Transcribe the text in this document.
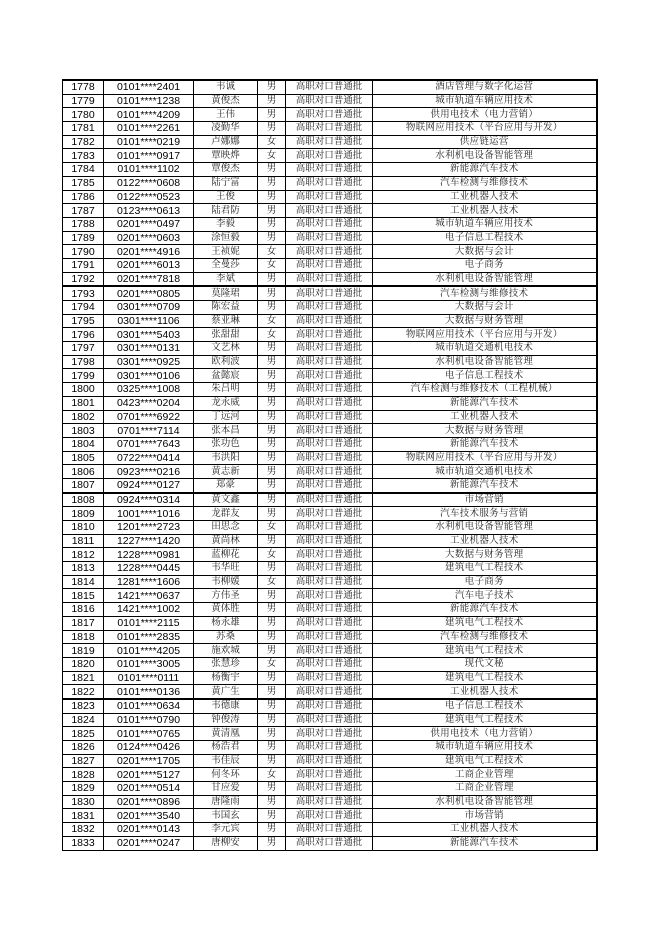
1778	0101****2401	韦诚	男	高职对口普通批	酒店管理与数字化运营
1779	0101****1238	黄俊杰	男	高职对口普通批	城市轨道车辆应用技术
1780	0101****4209	王伟	男	高职对口普通批	供用电技术（电力营销）
1781	0101****2261	凌勤华	男	高职对口普通批	物联网应用技术（平台应用与开发）
1782	0101****0219	卢娜娜	女	高职对口普通批	供应链运营
1783	0101****0917	覃映烨	女	高职对口普通批	水利机电设备智能管理
1784	0101****1102	覃俊杰	男	高职对口普通批	新能源汽车技术
1785	0122****0608	陆宁富	男	高职对口普通批	汽车检测与维修技术
1786	0122****0523	王俊	男	高职对口普通批	工业机器人技术
1787	0123****0613	陆君防	男	高职对口普通批	工业机器人技术
1788	0201****0497	李毅	男	高职对口普通批	城市轨道车辆应用技术
1789	0201****0603	涂恒毅	男	高职对口普通批	电子信息工程技术
1790	0201****4916	王祯妮	女	高职对口普通批	大数据与会计
1791	0201****6013	全曼莎	女	高职对口普通批	电子商务
1792	0201****7818	李斌	男	高职对口普通批	水利机电设备智能管理
1793	0201****0805	莫隆珺	男	高职对口普通批	汽车检测与维修技术
1794	0301****0709	陈宏益	男	高职对口普通批	大数据与会计
1795	0301****1106	蔡亚琳	女	高职对口普通批	大数据与财务管理
1796	0301****5403	张甜甜	女	高职对口普通批	物联网应用技术（平台应用与开发）
1797	0301****0131	文艺林	男	高职对口普通批	城市轨道交通机电技术
1798	0301****0925	欧利波	男	高职对口普通批	水利机电设备智能管理
1799	0301****0106	盆懿宸	男	高职对口普通批	电子信息工程技术
1800	0325****1008	朱吕明	男	高职对口普通批	汽车检测与维修技术（工程机械）
1801	0423****0204	龙永威	男	高职对口普通批	新能源汽车技术
1802	0701****6922	丁远河	男	高职对口普通批	工业机器人技术
1803	0701****7114	张本昌	男	高职对口普通批	大数据与财务管理
1804	0701****7643	张功色	男	高职对口普通批	新能源汽车技术
1805	0722****0414	韦洪阳	男	高职对口普通批	物联网应用技术（平台应用与开发）
1806	0923****0216	黄志新	男	高职对口普通批	城市轨道交通机电技术
1807	0924****0127	郑豪	男	高职对口普通批	新能源汽车技术
1808	0924****0314	黄文鑫	男	高职对口普通批	市场营销
1809	1001****1016	龙群友	男	高职对口普通批	汽车技术服务与营销
1810	1201****2723	田思念	女	高职对口普通批	水利机电设备智能管理
1811	1227****1420	黄尚林	男	高职对口普通批	工业机器人技术
1812	1228****0981	蓝柳花	女	高职对口普通批	大数据与财务管理
1813	1228****0445	韦华旺	男	高职对口普通批	建筑电气工程技术
1814	1281****1606	韦柳媛	女	高职对口普通批	电子商务
1815	1421****0637	方伟圣	男	高职对口普通批	汽车电子技术
1816	1421****1002	黄体胜	男	高职对口普通批	新能源汽车技术
1817	0101****2115	杨永雄	男	高职对口普通批	建筑电气工程技术
1818	0101****2835	苏桑	男	高职对口普通批	汽车检测与维修技术
1819	0101****4205	施欢城	男	高职对口普通批	建筑电气工程技术
1820	0101****3005	张慧珍	女	高职对口普通批	现代文秘
1821	0101****0111	杨衡宇	男	高职对口普通批	建筑电气工程技术
1822	0101****0136	黄广生	男	高职对口普通批	工业机器人技术
1823	0101****0634	韦德康	男	高职对口普通批	电子信息工程技术
1824	0101****0790	钟俊涛	男	高职对口普通批	建筑电气工程技术
1825	0101****0765	黄清凰	男	高职对口普通批	供用电技术（电力营销）
1826	0124****0426	杨浩君	男	高职对口普通批	城市轨道车辆应用技术
1827	0201****1705	韦佳辰	男	高职对口普通批	建筑电气工程技术
1828	0201****5127	何冬环	女	高职对口普通批	工商企业管理
1829	0201****0514	甘应爱	男	高职对口普通批	工商企业管理
1830	0201****0896	唐隆雨	男	高职对口普通批	水利机电设备智能管理
1831	0201****3540	韦国玄	男	高职对口普通批	市场营销
1832	0201****0143	李元宾	男	高职对口普通批	工业机器人技术
1833	0201****0247	唐柳安	男	高职对口普通批	新能源汽车技术
